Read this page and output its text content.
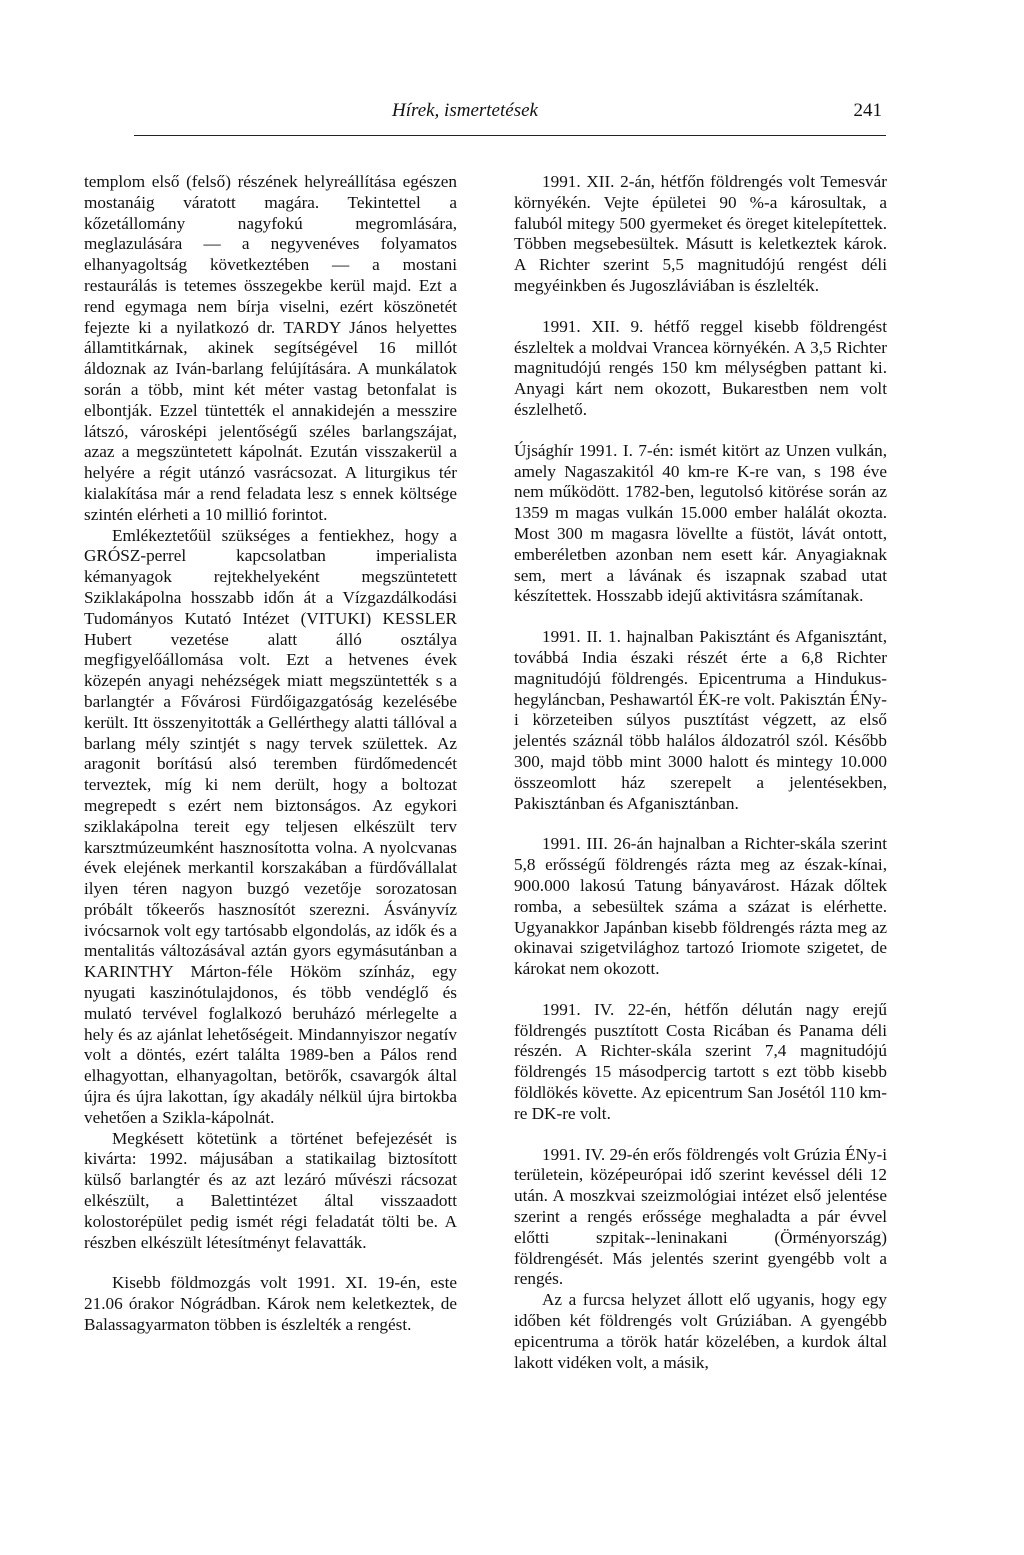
Hírek, ismertetések	241

templom első (felső) részének helyreállítása egészen mostanáig váratott magára. Tekintettel a kőzetállomány nagyfokú megromlására, meglazulására — a negyvenéves folyamatos elhanyagoltság következtében — a mostani restaurálás is tetemes összegekbe kerül majd. Ezt a rend egymaga nem bírja viselni, ezért köszönetét fejezte ki a nyilatkozó dr. TARDY János helyettes államtitkárnak, akinek segítségével 16 millót áldoznak az Iván-barlang felújítására. A munkálatok során a több, mint két méter vastag betonfalat is elbontják. Ezzel tüntették el annakidején a messzire látszó, városképi jelentőségű széles barlangszájat, azaz a megszüntetett kápolnát. Ezután visszakerül a helyére a régit utánzó vasrácsozat. A liturgikus tér kialakítása már a rend feladata lesz s ennek költsége szintén elérheti a 10 millió forintot.

Emlékeztetőül szükséges a fentiekhez, hogy a GRÓSZ-perrel kapcsolatban imperialista kémanyagok rejtekhelyeként megszüntetett Sziklakápolna hosszabb időn át a Vízgazdálkodási Tudományos Kutató Intézet (VITUKI) KESSLER Hubert vezetése alatt álló osztálya megfigyelőállomása volt. Ezt a hetvenes évek közepén anyagi nehézségek miatt megszüntették s a barlangtér a Fővárosi Fürdőigazgatóság kezelésébe került. Itt összenyitották a Gellérthegy alatti tállóval a barlang mély szintjét s nagy tervek születtek. Az aragonit borítású alsó teremben fürdőmedencét terveztek, míg ki nem derült, hogy a boltozat megrepedt s ezért nem biztonságos. Az egykori sziklakápolna tereit egy teljesen elkészült terv karsztmúzeumként hasznosította volna. A nyolcvanas évek elejének merkantil korszakában a fürdővállalat ilyen téren nagyon buzgó vezetője sorozatosan próbált tőkeerős hasznosítót szerezni. Ásványvíz ivócsarnok volt egy tartósabb elgondolás, az idők és a mentalitás változásával aztán gyors egymásutánban a KARINTHY Márton-féle Hököm színház, egy nyugati kaszinótulajdonos, és több vendéglő és mulató tervével foglalkozó beruházó mérlegelte a hely és az ajánlat lehetőségeit. Mindannyiszor negatív volt a döntés, ezért találta 1989-ben a Pálos rend elhagyottan, elhanyagoltan, betörők, csavargók által újra és újra lakottan, így akadály nélkül újra birtokba vehetően a Szikla-kápolnát.

Megkésett kötetünk a történet befejezését is kivárta: 1992. májusában a statikailag biztosított külső barlangtér és az azt lezáró művészi rácsozat elkészült, a Balettintézet által visszaadott kolostorépület pedig ismét régi feladatát tölti be. A részben elkészült létesítményt felavatták.

Kisebb földmozgás volt 1991. XI. 19-én, este 21.06 órakor Nógrádban. Károk nem keletkeztek, de Balassagyarmaton többen is észlelték a rengést.

1991. XII. 2-án, hétfőn földrengés volt Temesvár környékén. Vejte épületei 90 %-a károsultak, a faluból mitegy 500 gyermeket és öreget kitelepítettek. Többen megsebesültek. Másutt is keletkeztek károk. A Richter szerint 5,5 magnitudójú rengést déli megyéinkben és Jugoszláviában is észlelték.

1991. XII. 9. hétfő reggel kisebb földrengést észleltek a moldvai Vrancea környékén. A 3,5 Richter magnitudójú rengés 150 km mélységben pattant ki. Anyagi kárt nem okozott, Bukarestben nem volt észlelhető.

Újsághír 1991. I. 7-én: ismét kitört az Unzen vulkán, amely Nagaszakitól 40 km-re K-re van, s 198 éve nem működött. 1782-ben, legutolsó kitörése során az 1359 m magas vulkán 15.000 ember halálát okozta. Most 300 m magasra lövellte a füstöt, lávát ontott, emberéletben azonban nem esett kár. Anyagiaknak sem, mert a lávának és iszapnak szabad utat készítettek. Hosszabb idejű aktivitásra számítanak.

1991. II. 1. hajnalban Pakisztánt és Afganisztánt, továbbá India északi részét érte a 6,8 Richter magnitudójú földrengés. Epicentruma a Hindukus-hegyláncban, Peshawartól ÉK-re volt. Pakisztán ÉNy-i körzeteiben súlyos pusztítást végzett, az első jelentés száznál több halálos áldozatról szól. Később 300, majd több mint 3000 halott és mintegy 10.000 összeomlott ház szerepelt a jelentésekben, Pakisztánban és Afganisztánban.

1991. III. 26-án hajnalban a Richter-skála szerint 5,8 erősségű földrengés rázta meg az észak-kínai, 900.000 lakosú Tatung bányavárost. Házak dőltek romba, a sebesültek száma a százat is elérhette. Ugyanakkor Japánban kisebb földrengés rázta meg az okinavai szigetvilághoz tartozó Iriomote szigetet, de károkat nem okozott.

1991. IV. 22-én, hétfőn délután nagy erejű földrengés pusztított Costa Ricában és Panama déli részén. A Richter-skála szerint 7,4 magnitudójú földrengés 15 másodpercig tartott s ezt több kisebb földlökés követte. Az epicentrum San Josétól 110 km-re DK-re volt.

1991. IV. 29-én erős földrengés volt Grúzia ÉNy-i területein, középeurópai idő szerint kevéssel déli 12 után. A moszkvai szeizmológiai intézet első jelentése szerint a rengés erőssége meghaladta a pár évvel előtti szpitak--leninakani (Örményország) földrengését. Más jelentés szerint gyengébb volt a rengés.

Az a furcsa helyzet állott elő ugyanis, hogy egy időben két földrengés volt Grúziában. A gyengébb epicentruma a török határ közelében, a kurdok által lakott vidéken volt, a másik,
